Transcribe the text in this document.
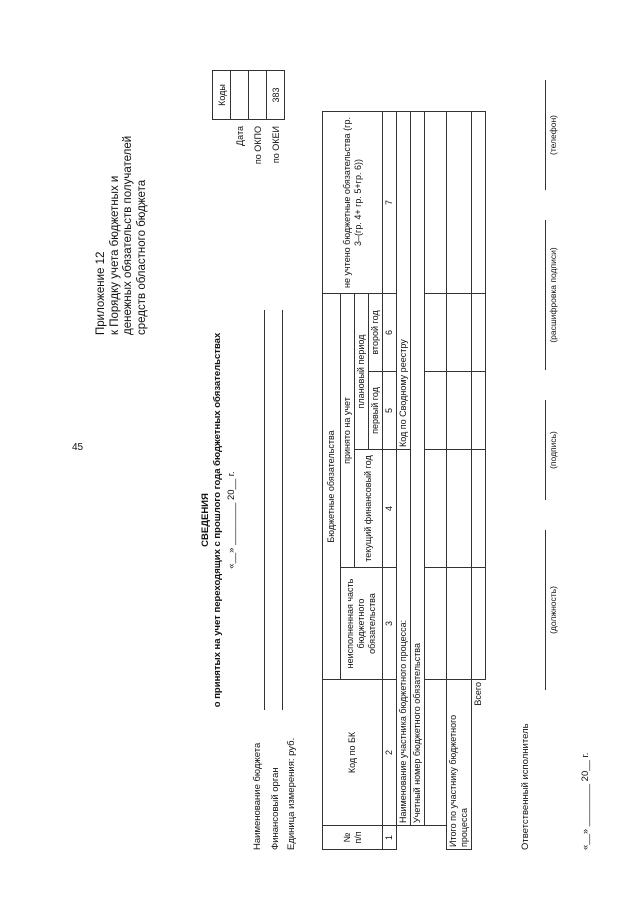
45
Приложение 12 к Порядку учета бюджетных и денежных обязательств получателей средств областного бюджета
СВЕДЕНИЯ о принятых на учет переходящих с прошлого года бюджетных обязательствах «__» ________ 20__ г.
Наименование бюджета Финансовый орган Единица измерения: руб.
	Коды
Дата	
по ОКПО	
по ОКЕИ	383
№ п/п	Код по БК	Бюджетные обязательства				не учтено бюджетные обязательства (гр. 3–(гр. 4+ гр. 5+гр. 6))
		неисполненная часть бюджетного обязательства	принято на учет			
			текущий финансовый год	плановый период		
				первый год	второй год	
1	2	3	4	5	6	7
	Наименование участника бюджетного процесса:			Код по Сводному реестру		
	Учетный номер бюджетного обязательства					

Итого по участнику бюджетного процесса						
Всего						
Ответственный исполнитель
(должность)
(подпись)
(расшифровка подписи)
(телефон)
«__» ________ 20__ г.
